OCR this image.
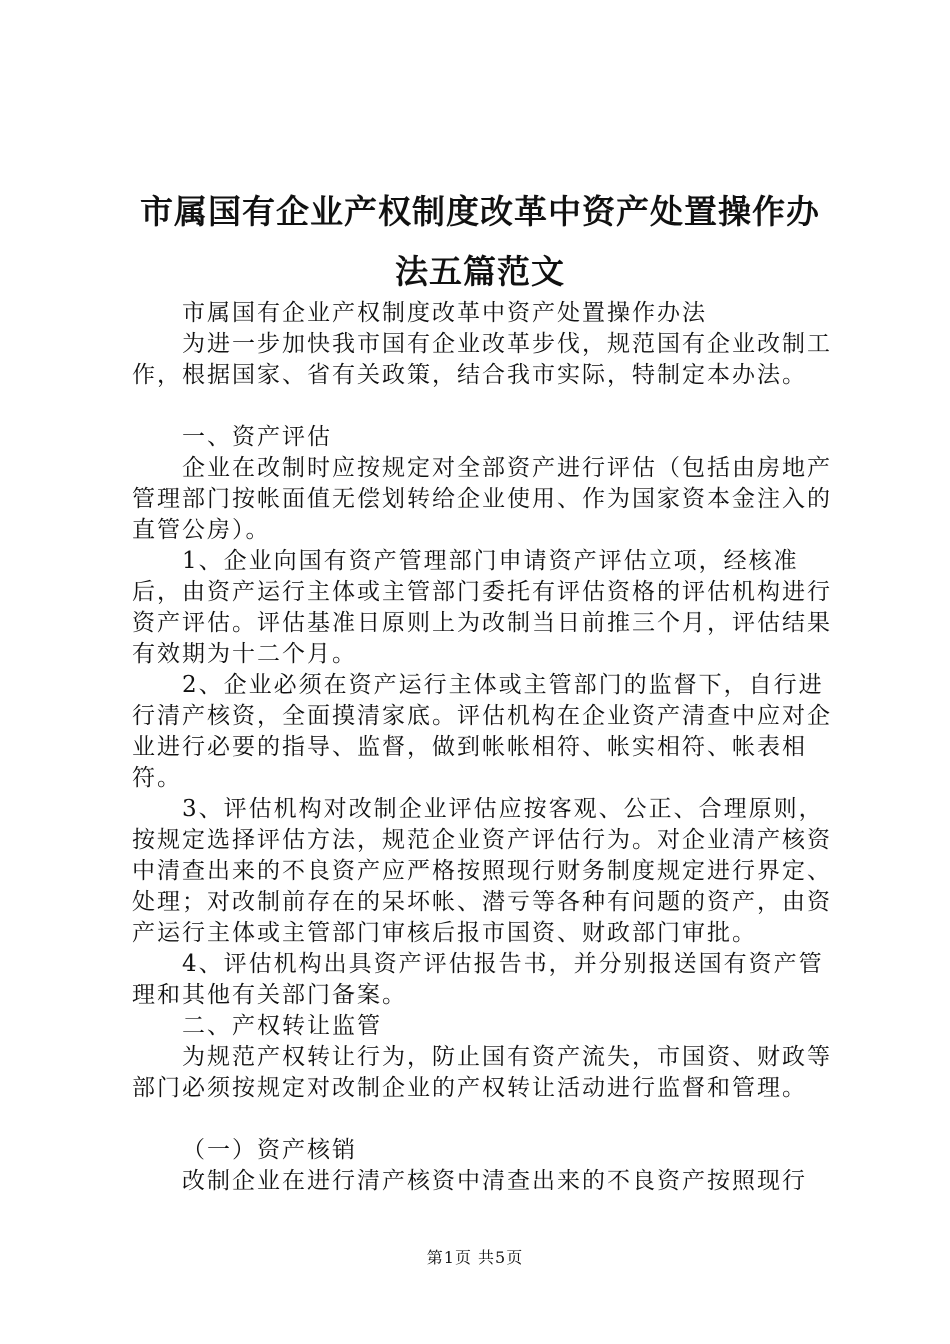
市属国有企业产权制度改革中资产处置操作办
法五篇范文

市属国有企业产权制度改革中资产处置操作办法

为进一步加快我市国有企业改革步伐，规范国有企业改制工作，根据国家、省有关政策，结合我市实际，特制定本办法。

一、资产评估

企业在改制时应按规定对全部资产进行评估（包括由房地产管理部门按帐面值无偿划转给企业使用、作为国家资本金注入的直管公房）。

1、企业向国有资产管理部门申请资产评估立项，经核准后，由资产运行主体或主管部门委托有评估资格的评估机构进行资产评估。评估基准日原则上为改制当日前推三个月，评估结果有效期为十二个月。

2、企业必须在资产运行主体或主管部门的监督下，自行进行清产核资，全面摸清家底。评估机构在企业资产清查中应对企业进行必要的指导、监督，做到帐帐相符、帐实相符、帐表相符。

3、评估机构对改制企业评估应按客观、公正、合理原则，按规定选择评估方法，规范企业资产评估行为。对企业清产核资中清查出来的不良资产应严格按照现行财务制度规定进行界定、处理；对改制前存在的呆坏帐、潜亏等各种有问题的资产，由资产运行主体或主管部门审核后报市国资、财政部门审批。

4、评估机构出具资产评估报告书，并分别报送国有资产管理和其他有关部门备案。

二、产权转让监管

为规范产权转让行为，防止国有资产流失，市国资、财政等部门必须按规定对改制企业的产权转让活动进行监督和管理。

（一）资产核销

改制企业在进行清产核资中清查出来的不良资产按照现行

第1页 共5页
